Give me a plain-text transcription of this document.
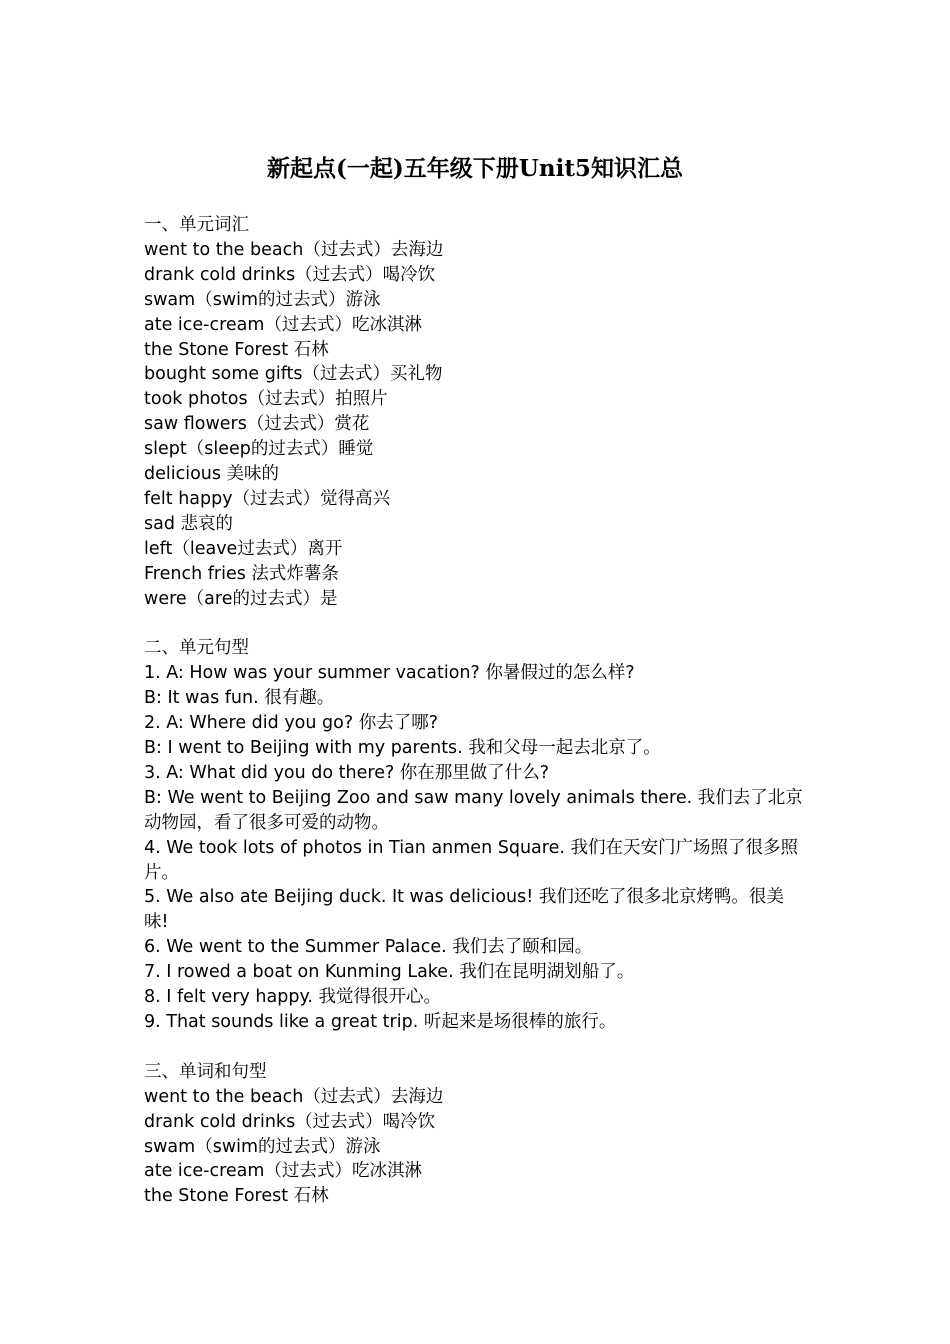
新起点(一起)五年级下册Unit5知识汇总

一、单元词汇

went to the beach（过去式）去海边

drank cold drinks（过去式）喝冷饮

swam（swim的过去式）游泳

ate ice-cream（过去式）吃冰淇淋

the Stone Forest 石林

bought some gifts（过去式）买礼物

took photos（过去式）拍照片

saw flowers（过去式）赏花

slept（sleep的过去式）睡觉

delicious 美味的

felt happy（过去式）觉得高兴

sad 悲哀的

left（leave过去式）离开

French fries 法式炸薯条

were（are的过去式）是

二、单元句型

1. A: How was your summer vacation? 你暑假过的怎么样?

B: It was fun. 很有趣。

2. A: Where did you go? 你去了哪?

B: I went to Beijing with my parents. 我和父母一起去北京了。

3. A: What did you do there? 你在那里做了什么?

B: We went to Beijing Zoo and saw many lovely animals there. 我们去了北京动物园，看了很多可爱的动物。

4. We took lots of photos in Tian anmen Square. 我们在天安门广场照了很多照片。

5. We also ate Beijing duck. It was delicious! 我们还吃了很多北京烤鸭。很美味!

6. We went to the Summer Palace. 我们去了颐和园。

7. I rowed a boat on Kunming Lake. 我们在昆明湖划船了。

8. I felt very happy. 我觉得很开心。

9. That sounds like a great trip. 听起来是场很棒的旅行。

三、单词和句型

went to the beach（过去式）去海边

drank cold drinks（过去式）喝冷饮

swam（swim的过去式）游泳

ate ice-cream（过去式）吃冰淇淋

the Stone Forest 石林
